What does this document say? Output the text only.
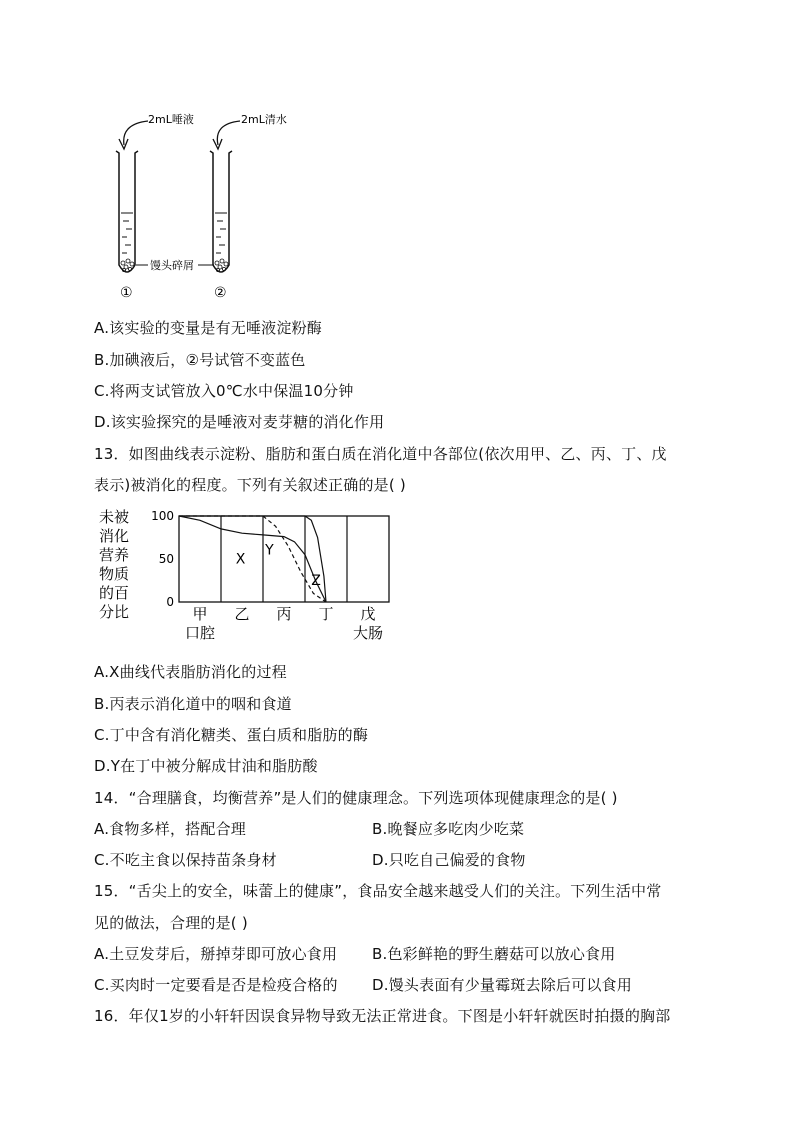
2mL唾液	2mL清水
馒头碎屑
①	②
A.该实验的变量是有无唾液淀粉酶
B.加碘液后，②号试管不变蓝色
C.将两支试管放入0℃水中保温10分钟
D.该实验探究的是唾液对麦芽糖的消化作用
13．如图曲线表示淀粉、脂肪和蛋白质在消化道中各部位(依次用甲、乙、丙、丁、戊
表示)被消化的程度。下列有关叙述正确的是( )
未被
消化
营养
物质
的百
分比
100
50
0
X
Y
Z
甲
口腔
乙 丙 丁 戊
大肠
A.X曲线代表脂肪消化的过程
B.丙表示消化道中的咽和食道
C.丁中含有消化糖类、蛋白质和脂肪的酶
D.Y在丁中被分解成甘油和脂肪酸
14．“合理膳食，均衡营养”是人们的健康理念。下列选项体现健康理念的是( )
A.食物多样，搭配合理	B.晚餐应多吃肉少吃菜
C.不吃主食以保持苗条身材	D.只吃自己偏爱的食物
15．“舌尖上的安全，味蕾上的健康”，食品安全越来越受人们的关注。下列生活中常
见的做法，合理的是( )
A.土豆发芽后，掰掉芽即可放心食用 B.色彩鲜艳的野生蘑菇可以放心食用
C.买肉时一定要看是否是检疫合格的 D.馒头表面有少量霉斑去除后可以食用
16．年仅1岁的小轩轩因误食异物导致无法正常进食。下图是小轩轩就医时拍摄的胸部
